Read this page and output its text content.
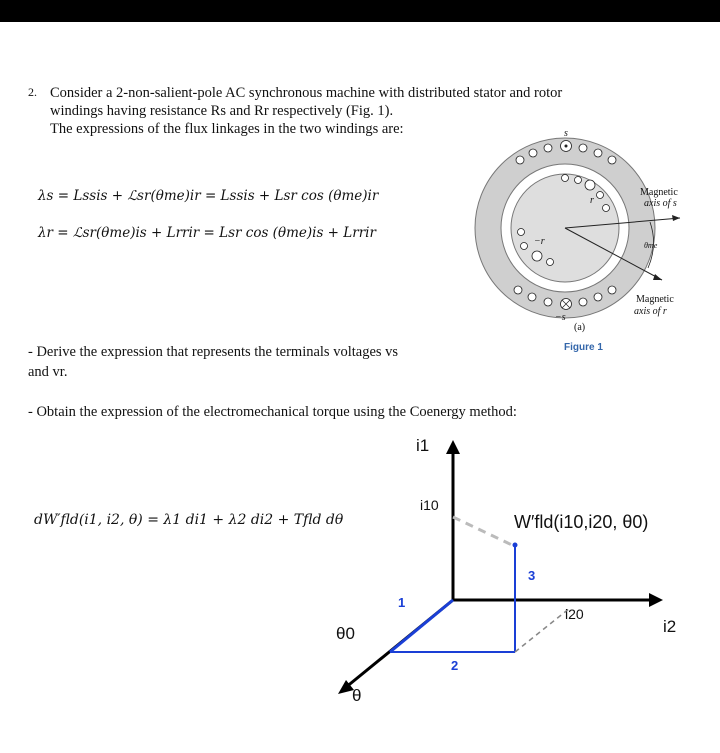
2. Consider a 2-non-salient-pole AC synchronous machine with distributed stator and rotor
windings having resistance Rs and Rr respectively (Fig. 1).
The expressions of the flux linkages in the two windings are:
λs = Lssis + ℒsr(θme)ir = Lssis + Lsr cos (θme)ir
λr = ℒsr(θme)is + Lrrir = Lsr cos (θme)is + Lrrir
- Derive the expression that represents the terminals voltages vs
and vr.
- Obtain the expression of the electromechanical torque using the Coenergy method:
s
−s
r
−r
Magnetic
axis of s
Magnetic
axis of r
θme
(a)
Figure 1
dW′fld(i1, i2, θ) = λ1 di1 + λ2 di2 + Tfld dθ
i1
i10
i2
i20
θ
θ0
W′fld(i10,i20, θ0)
1
2
3
